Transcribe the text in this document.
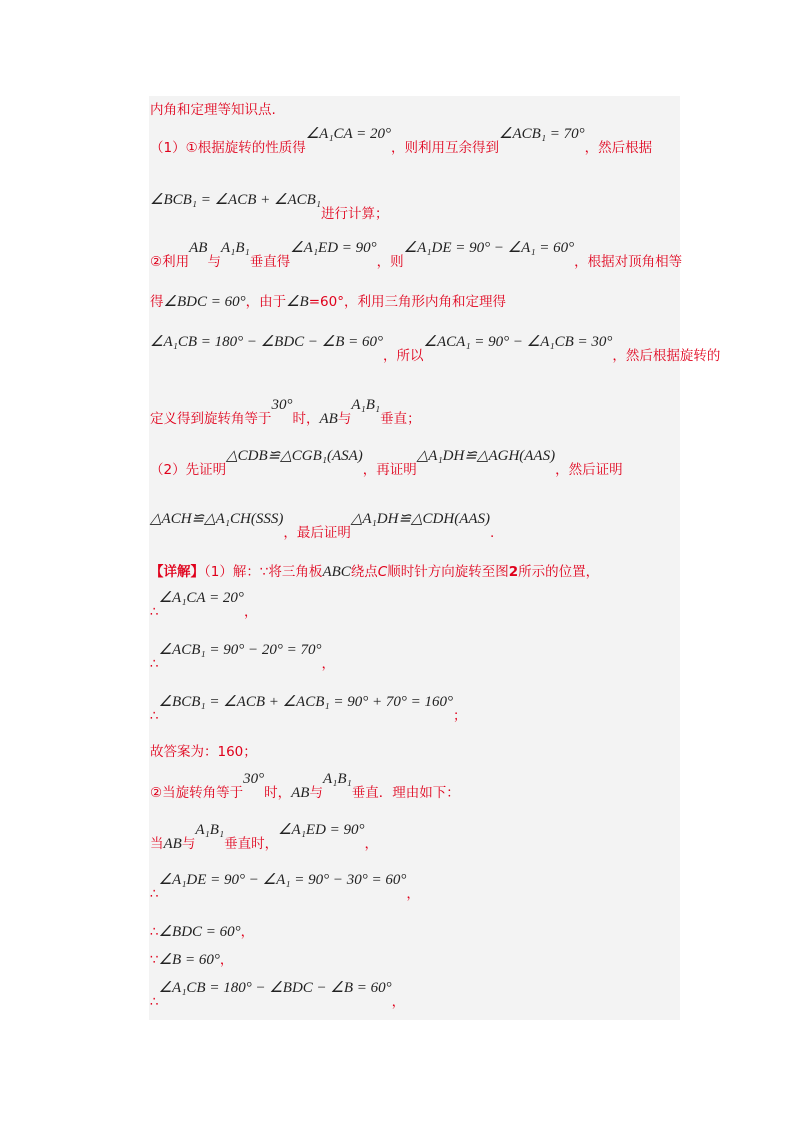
内角和定理等知识点.
（1）①根据旋转的性质得∠A₁CA = 20°，则利用互余得到∠ACB₁ = 70°，然后根据
∠BCB₁ = ∠ACB + ∠ACB₁进行计算；
②利用AB与A₁B₁垂直得∠A₁ED = 90°，则∠A₁DE = 90° − ∠A₁ = 60°，根据对顶角相等
得∠BDC = 60°，由于∠B=60°，利用三角形内角和定理得
∠A₁CB = 180° − ∠BDC − ∠B = 60°，所以∠ACA₁ = 90° − ∠A₁CB = 30°，然后根据旋转的
定义得到旋转角等于30°时，AB与A₁B₁垂直；
（2）先证明△CDB≌△CGB₁(ASA)，再证明△A₁DH≌△AGH(AAS)，然后证明
△ACH≌△A₁CH(SSS)，最后证明△A₁DH≌△CDH(AAS).
【详解】（1）解：∵将三角板ABC绕点C顺时针方向旋转至图2所示的位置，
∴∠A₁CA = 20°，
∴∠ACB₁ = 90° − 20° = 70°，
∴∠BCB₁ = ∠ACB + ∠ACB₁ = 90° + 70° = 160°；
故答案为：160；
②当旋转角等于30°时，AB与A₁B₁垂直．理由如下：
当AB与A₁B₁垂直时，∠A₁ED = 90°，
∴∠A₁DE = 90° − ∠A₁ = 90° − 30° = 60°，
∴∠BDC = 60°，
∵∠B = 60°，
∴∠A₁CB = 180° − ∠BDC − ∠B = 60°，
